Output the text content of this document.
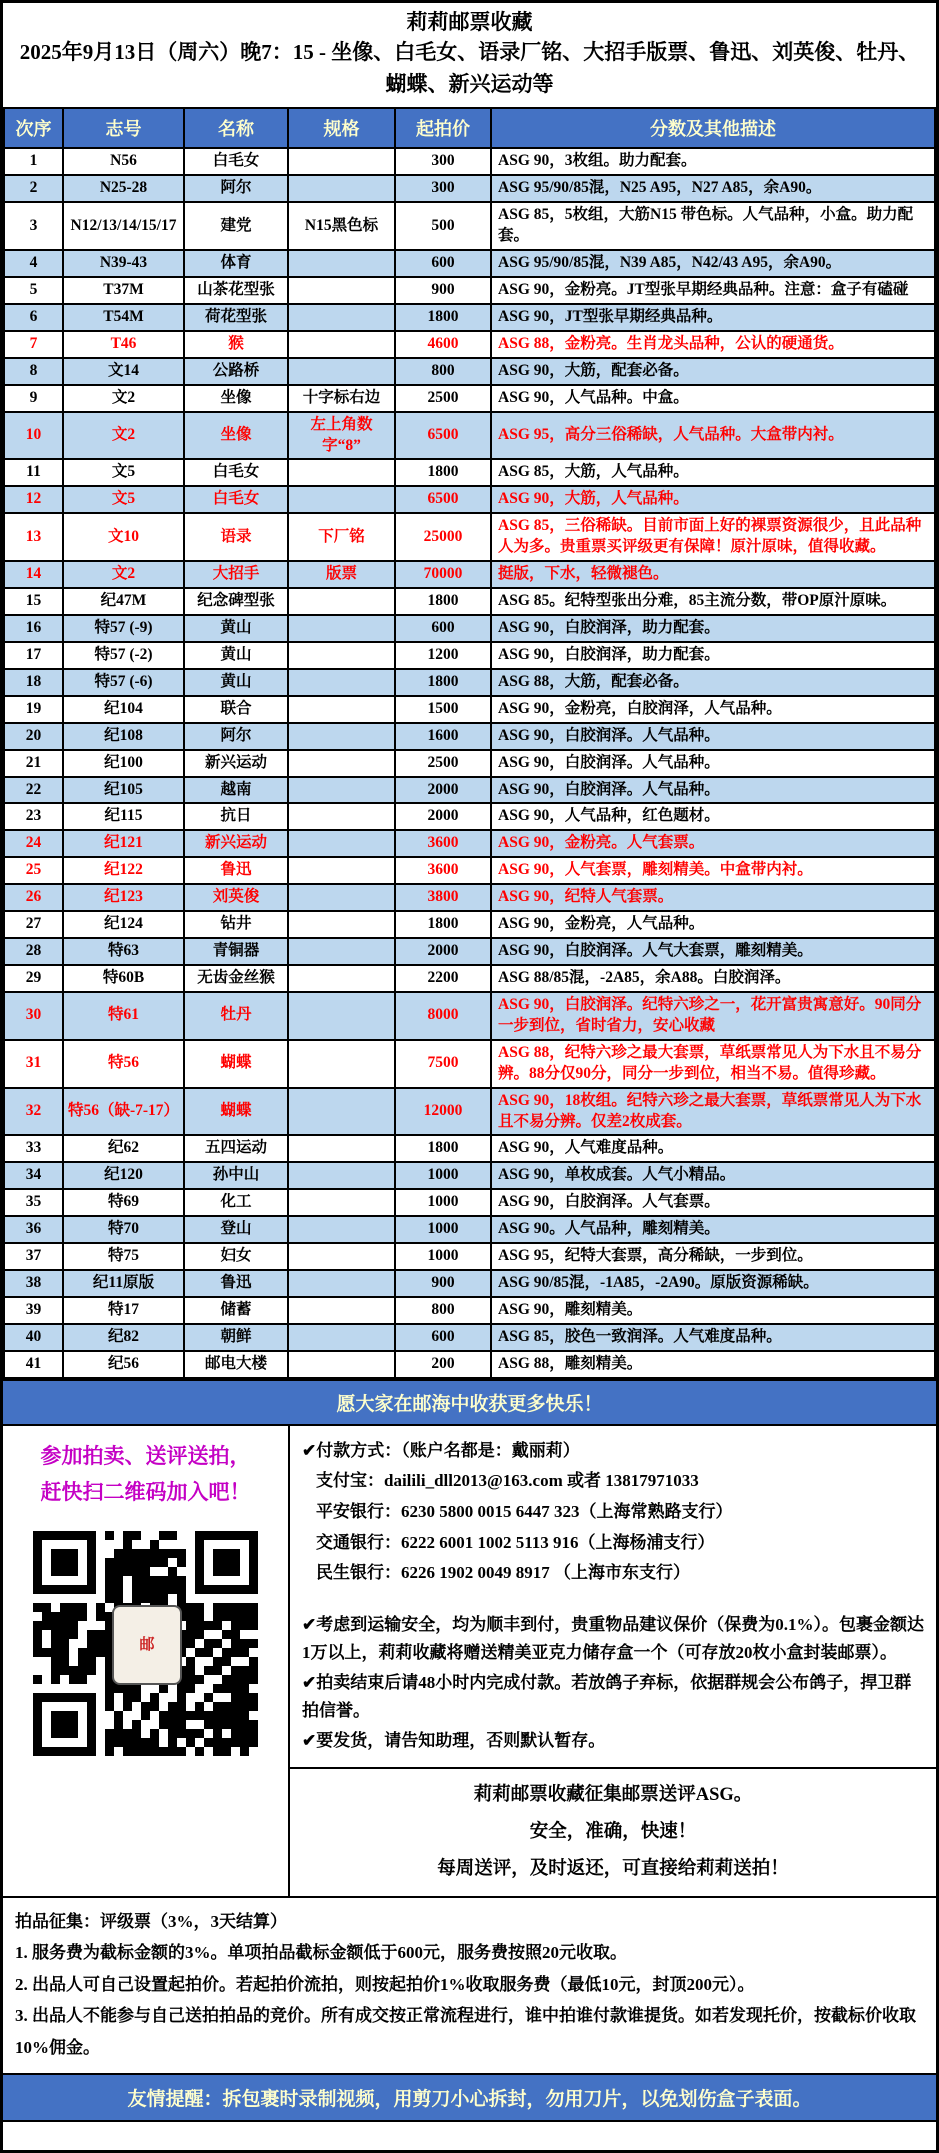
莉莉邮票收藏
2025年9月13日（周六）晚7：15 - 坐像、白毛女、语录厂铭、大招手版票、鲁迅、刘英俊、牡丹、蝴蝶、新兴运动等
次序	志号	名称	规格	起拍价	分数及其他描述
1	N56	白毛女		300	ASG 90，3枚组。助力配套。
2	N25-28	阿尔		300	ASG 95/90/85混，N25 A95，N27 A85，余A90。
3	N12/13/14/15/17	建党	N15黑色标	500	ASG 85，5枚组，大筋N15 带色标。人气品种，小盒。助力配套。
4	N39-43	体育		600	ASG 95/90/85混，N39 A85，N42/43 A95，余A90。
5	T37M	山茶花型张		900	ASG 90，金粉亮。JT型张早期经典品种。注意：盒子有磕碰
6	T54M	荷花型张		1800	ASG 90，JT型张早期经典品种。
7	T46	猴		4600	ASG 88，金粉亮。生肖龙头品种，公认的硬通货。
8	文14	公路桥		800	ASG 90，大筋，配套必备。
9	文2	坐像	十字标右边	2500	ASG 90，人气品种。中盒。
10	文2	坐像	左上角数字“8”	6500	ASG 95，高分三俗稀缺，人气品种。大盒带内衬。
11	文5	白毛女		1800	ASG 85，大筋，人气品种。
12	文5	白毛女		6500	ASG 90，大筋，人气品种。
13	文10	语录	下厂铭	25000	ASG 85，三俗稀缺。目前市面上好的裸票资源很少，且此品种人为多。贵重票买评级更有保障！原汁原味，值得收藏。
14	文2	大招手	版票	70000	挺版，下水，轻微褪色。
15	纪47M	纪念碑型张		1800	ASG 85。纪特型张出分难，85主流分数，带OP原汁原味。
16	特57 (-9)	黄山		600	ASG 90，白胶润泽，助力配套。
17	特57 (-2)	黄山		1200	ASG 90，白胶润泽，助力配套。
18	特57 (-6)	黄山		1800	ASG 88，大筋，配套必备。
19	纪104	联合		1500	ASG 90，金粉亮，白胶润泽，人气品种。
20	纪108	阿尔		1600	ASG 90，白胶润泽。人气品种。
21	纪100	新兴运动		2500	ASG 90，白胶润泽。人气品种。
22	纪105	越南		2000	ASG 90，白胶润泽。人气品种。
23	纪115	抗日		2000	ASG 90，人气品种，红色题材。
24	纪121	新兴运动		3600	ASG 90，金粉亮。人气套票。
25	纪122	鲁迅		3600	ASG 90，人气套票，雕刻精美。中盒带内衬。
26	纪123	刘英俊		3800	ASG 90，纪特人气套票。
27	纪124	钻井		1800	ASG 90，金粉亮，人气品种。
28	特63	青铜器		2000	ASG 90，白胶润泽。人气大套票，雕刻精美。
29	特60B	无齿金丝猴		2200	ASG 88/85混，-2A85，余A88。白胶润泽。
30	特61	牡丹		8000	ASG 90，白胶润泽。纪特六珍之一，花开富贵寓意好。90同分一步到位，省时省力，安心收藏
31	特56	蝴蝶		7500	ASG 88，纪特六珍之最大套票，草纸票常见人为下水且不易分辨。88分仅90分，同分一步到位，相当不易。值得珍藏。
32	特56（缺-7-17）	蝴蝶		12000	ASG 90，18枚组。纪特六珍之最大套票，草纸票常见人为下水且不易分辨。仅差2枚成套。
33	纪62	五四运动		1800	ASG 90，人气难度品种。
34	纪120	孙中山		1000	ASG 90，单枚成套。人气小精品。
35	特69	化工		1000	ASG 90，白胶润泽。人气套票。
36	特70	登山		1000	ASG 90。人气品种，雕刻精美。
37	特75	妇女		1000	ASG 95，纪特大套票，高分稀缺，一步到位。
38	纪11原版	鲁迅		900	ASG 90/85混，-1A85，-2A90。原版资源稀缺。
39	特17	储蓄		800	ASG 90，雕刻精美。
40	纪82	朝鲜		600	ASG 85，胶色一致润泽。人气难度品种。
41	纪56	邮电大楼		200	ASG 88，雕刻精美。
愿大家在邮海中收获更多快乐！
参加拍卖、送评送拍，
赶快扫二维码加入吧！
邮
✔付款方式：（账户名都是：戴丽莉）
支付宝：dailili_dll2013@163.com 或者 13817971033
平安银行：6230 5800 0015 6447 323（上海常熟路支行）
交通银行：6222 6001 1002 5113 916（上海杨浦支行）
民生银行：6226 1902 0049 8917 （上海市东支行）
✔考虑到运输安全，均为顺丰到付，贵重物品建议保价（保费为0.1%）。包裹金额达1万以上，莉莉收藏将赠送精美亚克力储存盒一个（可存放20枚小盒封装邮票）。
✔拍卖结束后请48小时内完成付款。若放鸽子弃标，依据群规会公布鸽子，捍卫群拍信誉。
✔要发货，请告知助理，否则默认暂存。
莉莉邮票收藏征集邮票送评ASG。
安全，准确，快速！
每周送评，及时返还，可直接给莉莉送拍！
拍品征集：评级票（3%，3天结算）
1. 服务费为截标金额的3%。单项拍品截标金额低于600元，服务费按照20元收取。
2. 出品人可自己设置起拍价。若起拍价流拍，则按起拍价1%收取服务费（最低10元，封顶200元）。
3. 出品人不能参与自己送拍拍品的竞价。所有成交按正常流程进行，谁中拍谁付款谁提货。如若发现托价，按截标价收取10%佣金。
友情提醒：拆包裹时录制视频，用剪刀小心拆封，勿用刀片，以免划伤盒子表面。
